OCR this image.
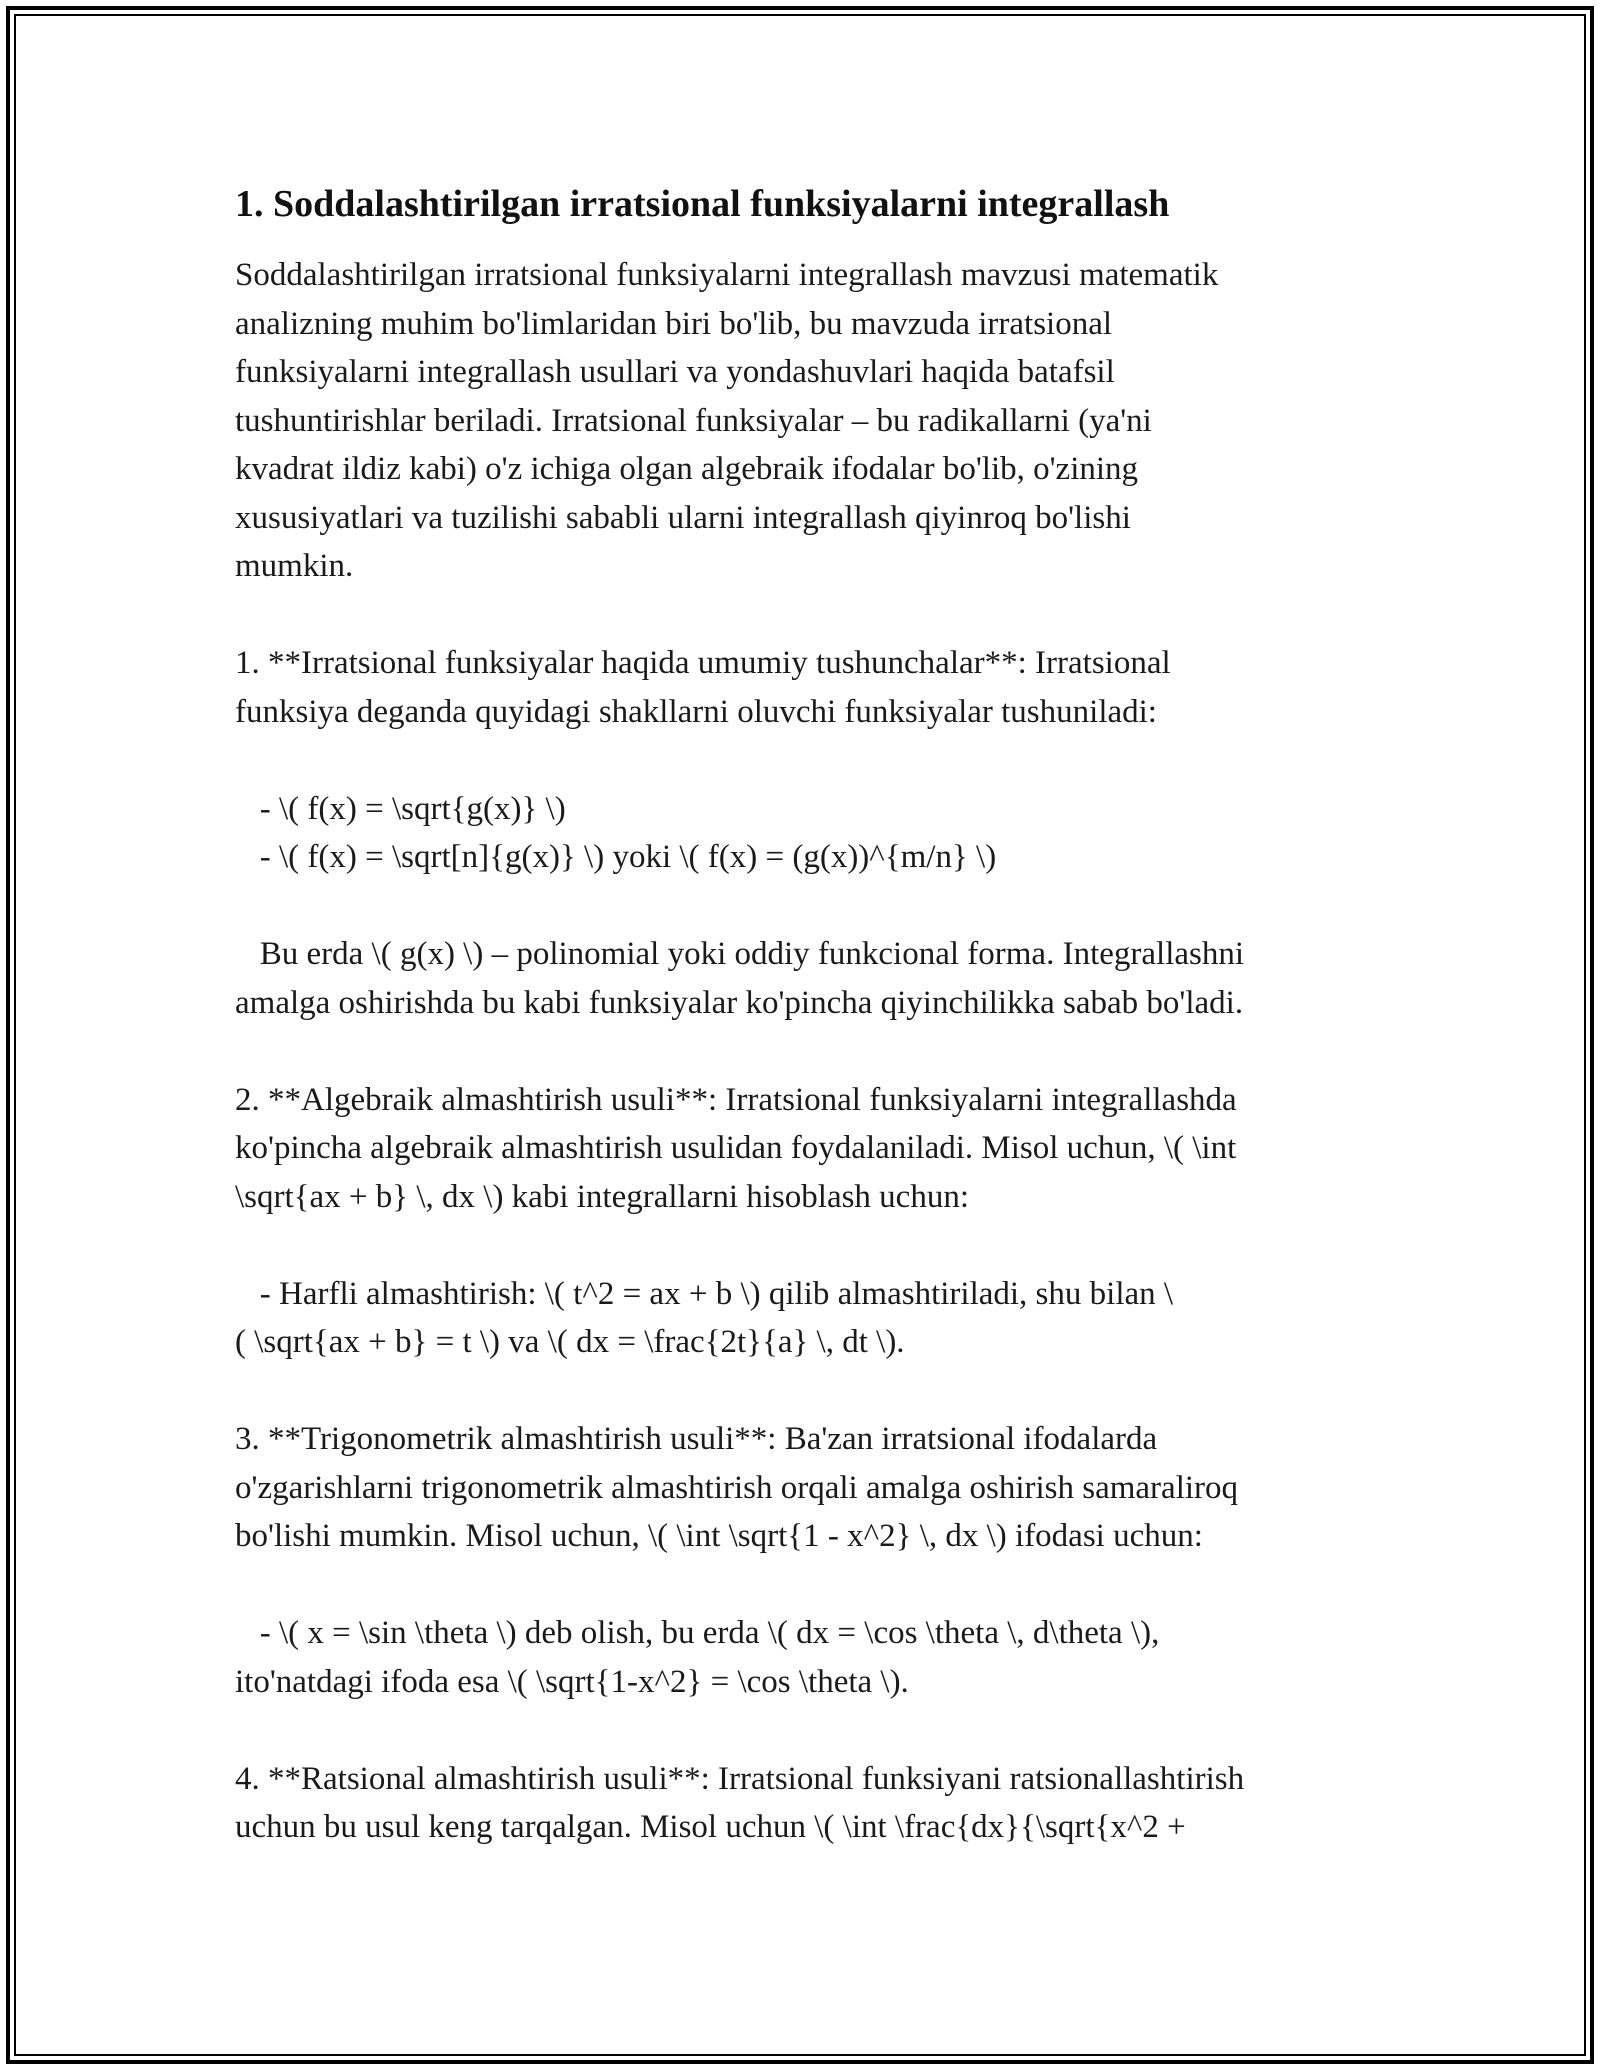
1. Soddalashtirilgan irratsional funksiyalarni integrallash

Soddalashtirilgan irratsional funksiyalarni integrallash mavzusi matematik
analizning muhim bo'limlaridan biri bo'lib, bu mavzuda irratsional
funksiyalarni integrallash usullari va yondashuvlari haqida batafsil
tushuntirishlar beriladi. Irratsional funksiyalar – bu radikallarni (ya'ni
kvadrat ildiz kabi) o'z ichiga olgan algebraik ifodalar bo'lib, o'zining
xususiyatlari va tuzilishi sababli ularni integrallash qiyinroq bo'lishi
mumkin.

1. **Irratsional funksiyalar haqida umumiy tushunchalar**: Irratsional
funksiya deganda quyidagi shakllarni oluvchi funksiyalar tushuniladi:

- \( f(x) = \sqrt{g(x)} \)
- \( f(x) = \sqrt[n]{g(x)} \) yoki \( f(x) = (g(x))^{m/n} \)

Bu erda \( g(x) \) – polinomial yoki oddiy funkcional forma. Integrallashni
amalga oshirishda bu kabi funksiyalar ko'pincha qiyinchilikka sabab bo'ladi.

2. **Algebraik almashtirish usuli**: Irratsional funksiyalarni integrallashda
ko'pincha algebraik almashtirish usulidan foydalaniladi. Misol uchun, \( \int
\sqrt{ax + b} \, dx \) kabi integrallarni hisoblash uchun:

- Harfli almashtirish: \( t^2 = ax + b \) qilib almashtiriladi, shu bilan \
( \sqrt{ax + b} = t \) va \( dx = \frac{2t}{a} \, dt \).

3. **Trigonometrik almashtirish usuli**: Ba'zan irratsional ifodalarda
o'zgarishlarni trigonometrik almashtirish orqali amalga oshirish samaraliroq
bo'lishi mumkin. Misol uchun, \( \int \sqrt{1 - x^2} \, dx \) ifodasi uchun:

- \( x = \sin \theta \) deb olish, bu erda \( dx = \cos \theta \, d\theta \),
ito'natdagi ifoda esa \( \sqrt{1-x^2} = \cos \theta \).

4. **Ratsional almashtirish usuli**: Irratsional funksiyani ratsionallashtirish
uchun bu usul keng tarqalgan. Misol uchun \( \int \frac{dx}{\sqrt{x^2 +
